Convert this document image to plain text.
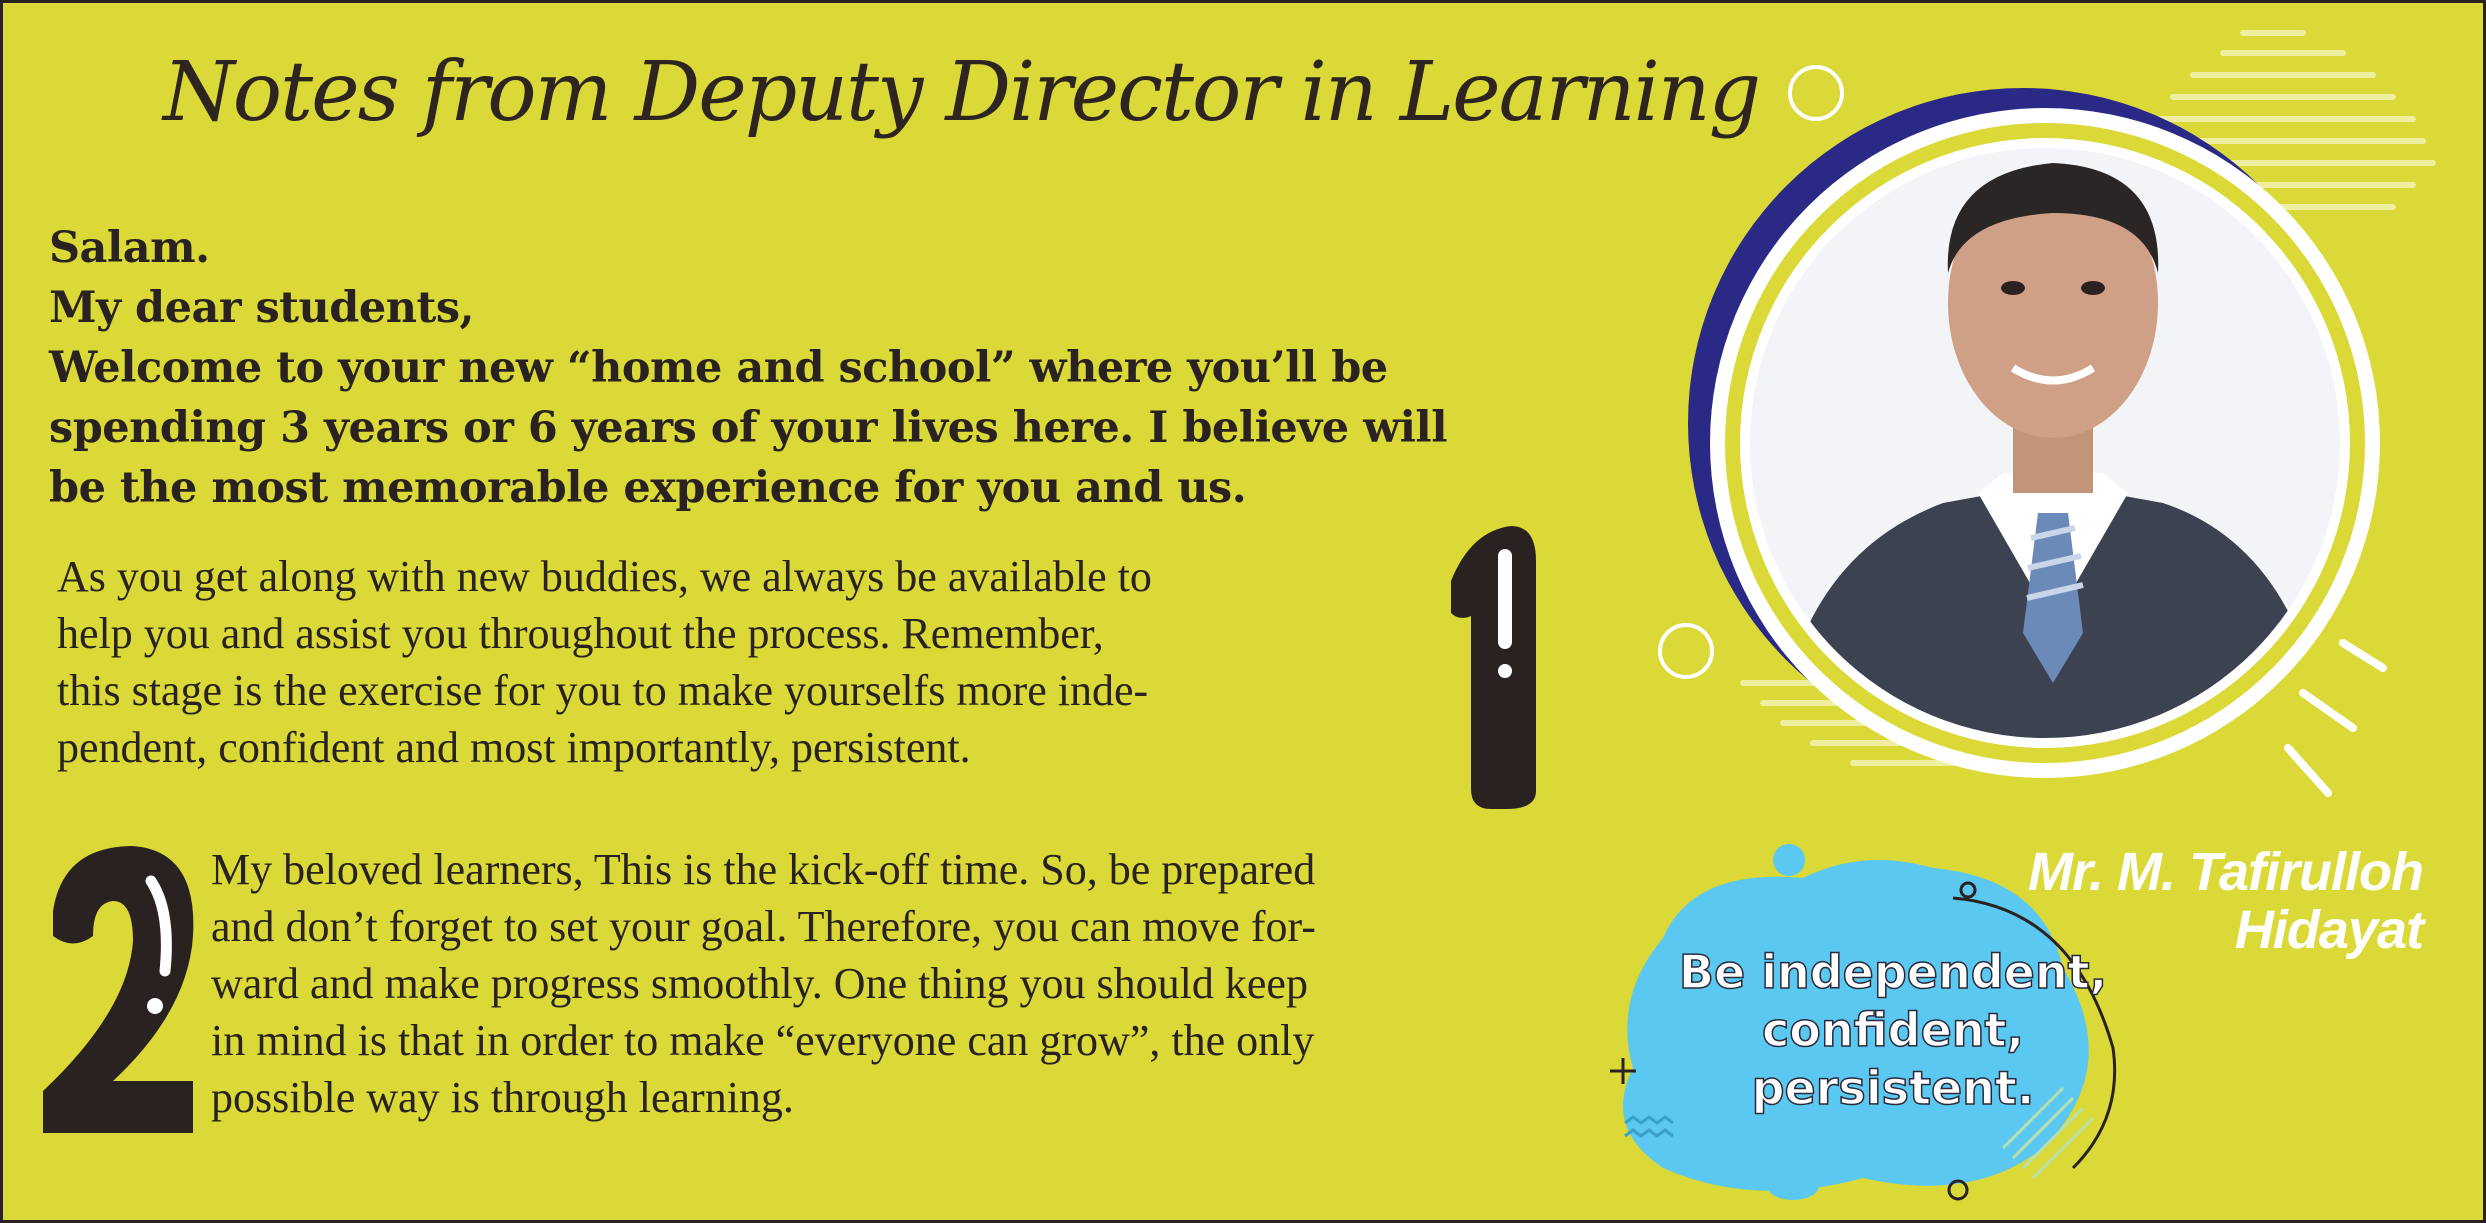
Notes from Deputy Director in Learning
Salam.
My dear students,
Welcome to your new “home and school” where you’ll be
spending 3 years or 6 years of your lives here. I believe will
be the most memorable experience for you and us.
As you get along with new buddies, we always be available to
help you and assist you throughout the process. Remember,
this stage is the exercise for you to make yourselfs more inde-
pendent, confident and most importantly, persistent.
My beloved learners, This is the kick-off time. So, be prepared
and don’t forget to set your goal. Therefore, you can move for-
ward and make progress smoothly. One thing you should keep
in mind is that in order to make “everyone can grow”, the only
possible way is through learning.
Mr. M. Tafirulloh
Hidayat
Be independent,
confident,
persistent.
